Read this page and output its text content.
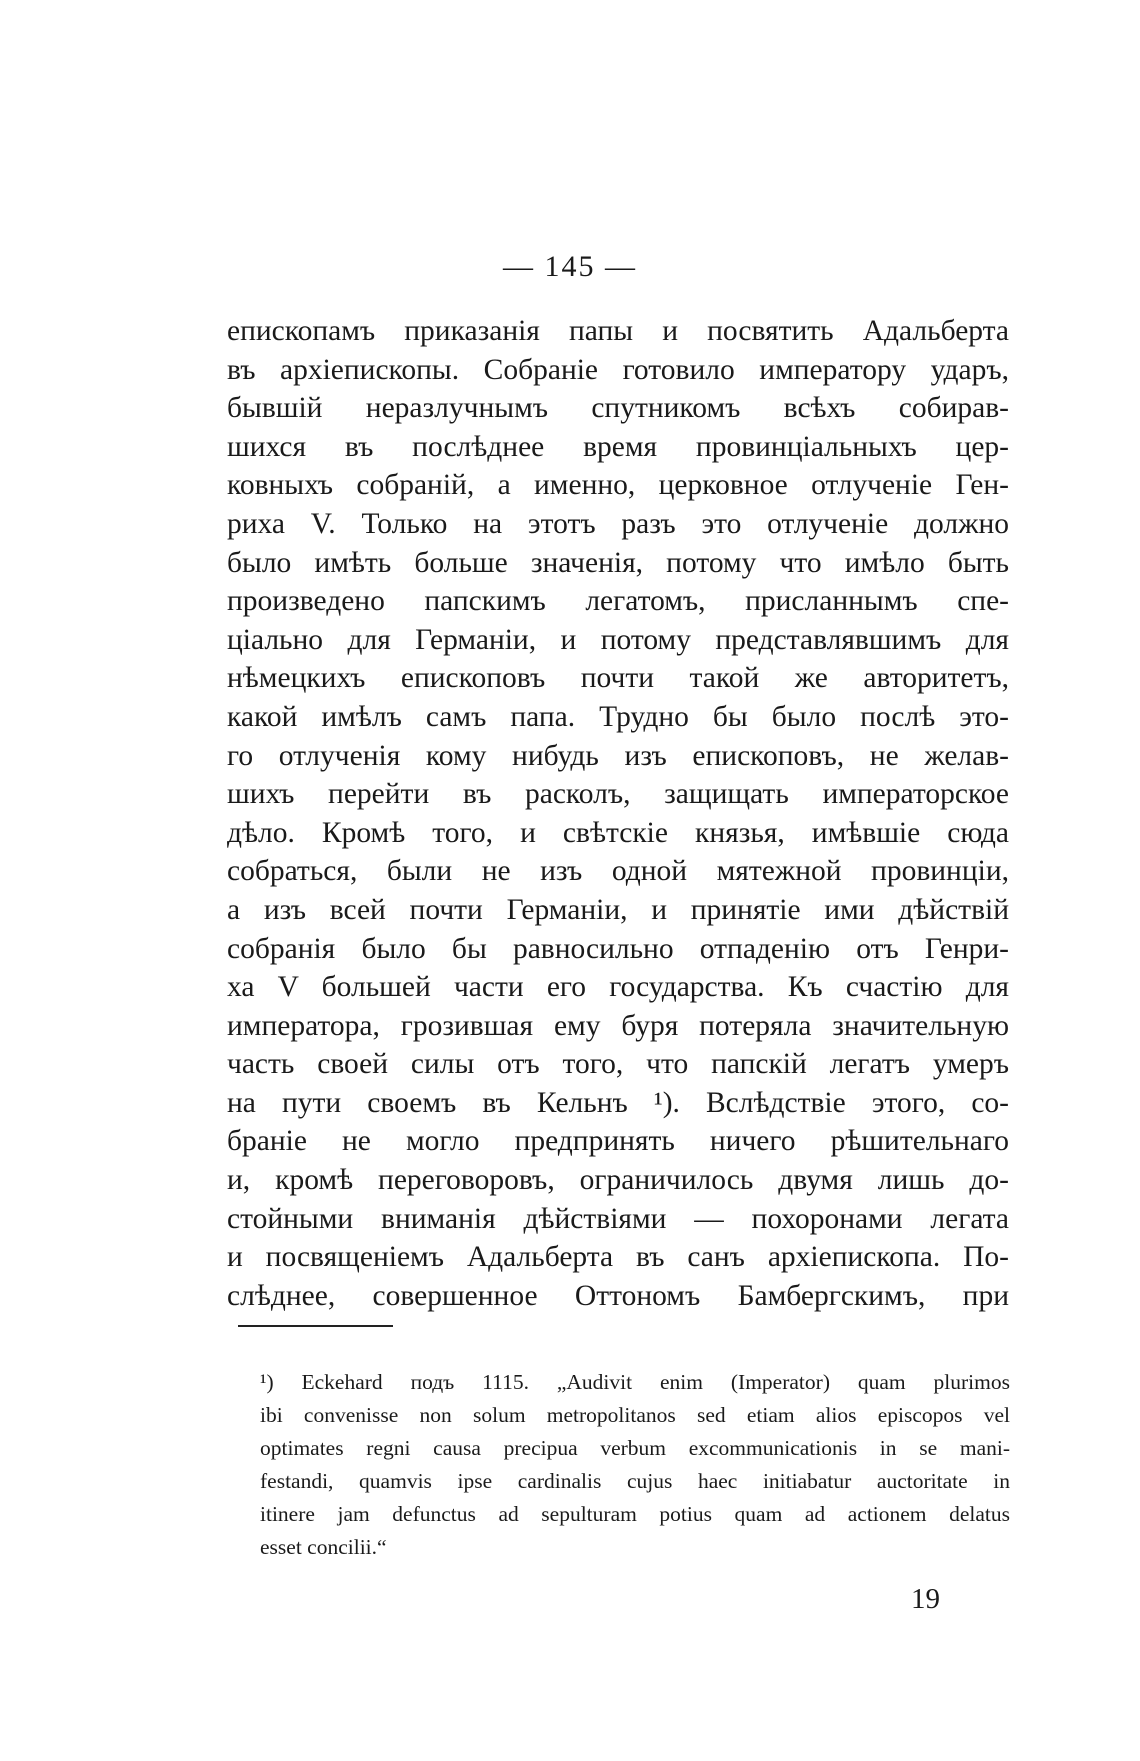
— 145 —
епископамъ приказанія папы и посвятить Адальберта
въ архіепископы. Собраніе готовило императору ударъ,
бывшій неразлучнымъ спутникомъ всѣхъ собирав-
шихся въ послѣднее время провинціальныхъ цер-
ковныхъ собраній, а именно, церковное отлученіе Ген-
риха V. Только на этотъ разъ это отлученіе должно
было имѣть больше значенія, потому что имѣло быть
произведено папскимъ легатомъ, присланнымъ спе-
ціально для Германіи, и потому представлявшимъ для
нѣмецкихъ епископовъ почти такой же авторитетъ,
какой имѣлъ самъ папа. Трудно бы было послѣ это-
го отлученія кому нибудь изъ епископовъ, не желав-
шихъ перейти въ расколъ, защищать императорское
дѣло. Кромѣ того, и свѣтскіе князья, имѣвшіе сюда
собраться, были не изъ одной мятежной провинціи,
а изъ всей почти Германіи, и принятіе ими дѣйствій
собранія было бы равносильно отпаденію отъ Генри-
ха V большей части его государства. Къ счастію для
императора, грозившая ему буря потеряла значительную
часть своей силы отъ того, что папскій легатъ умеръ
на пути своемъ въ Кельнъ ¹). Вслѣдствіе этого, со-
браніе не могло предпринять ничего рѣшительнаго
и, кромѣ переговоровъ, ограничилось двумя лишь до-
стойными вниманія дѣйствіями — похоронами легата
и посвященіемъ Адальберта въ санъ архіепископа. По-
слѣднее, совершенное Оттономъ Бамбергскимъ, при
¹) Eckehard подъ 1115. „Audivit enim (Imperator) quam plurimos
ibi convenisse non solum metropolitanos sed etiam alios episcopos vel
optimates regni causa precipua verbum excommunicationis in se mani-
festandi, quamvis ipse cardinalis cujus haec initiabatur auctoritate in
itinere jam defunctus ad sepulturam potius quam ad actionem delatus
esset concilii.“
19
